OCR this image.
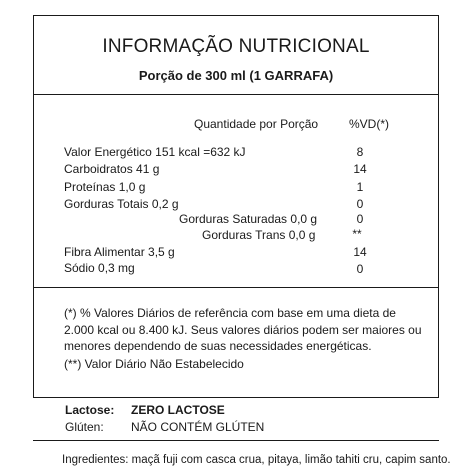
INFORMAÇÃO NUTRICIONAL
Porção de 300 ml (1 GARRAFA)
Quantidade por Porção	%VD(*)
Valor Energético 151 kcal =632 kJ	8
Carboidratos 41 g	14
Proteínas 1,0 g	1
Gorduras Totais 0,2 g	0
Gorduras Saturadas 0,0 g	0
Gorduras Trans 0,0 g	**
Fibra Alimentar 3,5 g	14
Sódio 0,3 mg	0
(*) % Valores Diários de referência com base em uma dieta de 2.000 kcal ou 8.400 kJ. Seus valores diários podem ser maiores ou menores dependendo de suas necessidades energéticas.
(**) Valor Diário Não Estabelecido
Lactose: ZERO LACTOSE
Glúten: NÃO CONTÉM GLÚTEN
Ingredientes: maçã fuji com casca crua, pitaya, limão tahiti cru, capim santo.
